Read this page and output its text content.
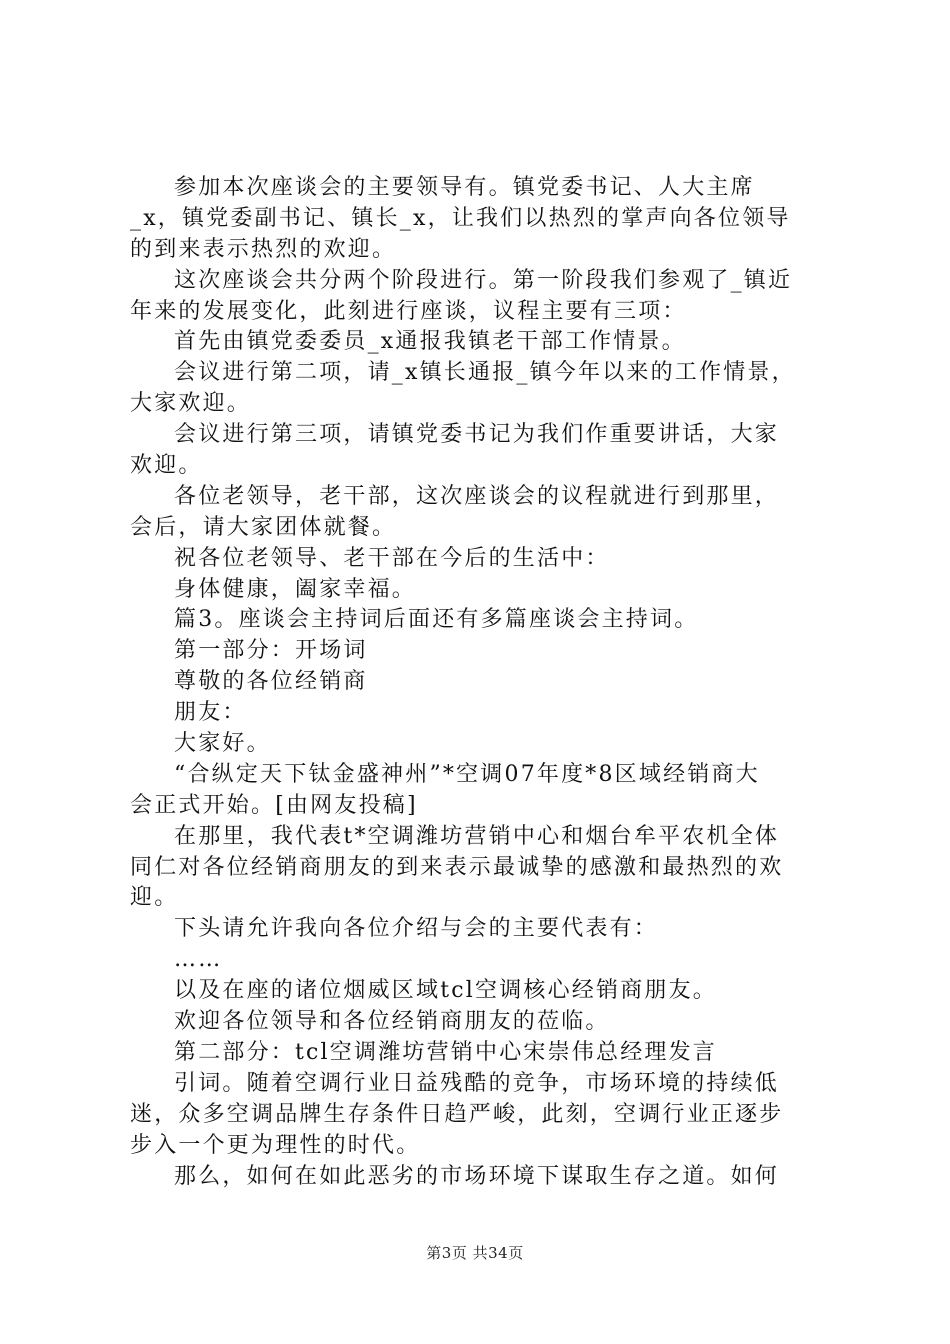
参加本次座谈会的主要领导有。镇党委书记、人大主席
_x，镇党委副书记、镇长_x，让我们以热烈的掌声向各位领导
的到来表示热烈的欢迎。
这次座谈会共分两个阶段进行。第一阶段我们参观了_镇近
年来的发展变化，此刻进行座谈，议程主要有三项：
首先由镇党委委员_x通报我镇老干部工作情景。
会议进行第二项，请_x镇长通报_镇今年以来的工作情景，
大家欢迎。
会议进行第三项，请镇党委书记为我们作重要讲话，大家
欢迎。
各位老领导，老干部，这次座谈会的议程就进行到那里，
会后，请大家团体就餐。
祝各位老领导、老干部在今后的生活中：
身体健康，阖家幸福。
篇3。座谈会主持词后面还有多篇座谈会主持词。
第一部分：开场词
尊敬的各位经销商
朋友：
大家好。
“合纵定天下钛金盛神州”*空调07年度*8区域经销商大
会正式开始。[由网友投稿]
在那里，我代表t*空调潍坊营销中心和烟台牟平农机全体
同仁对各位经销商朋友的到来表示最诚挚的感激和最热烈的欢
迎。
下头请允许我向各位介绍与会的主要代表有：
……
以及在座的诸位烟威区域tcl空调核心经销商朋友。
欢迎各位领导和各位经销商朋友的莅临。
第二部分：tcl空调潍坊营销中心宋崇伟总经理发言
引词。随着空调行业日益残酷的竞争，市场环境的持续低
迷，众多空调品牌生存条件日趋严峻，此刻，空调行业正逐步
步入一个更为理性的时代。
那么，如何在如此恶劣的市场环境下谋取生存之道。如何
第3页 共34页
